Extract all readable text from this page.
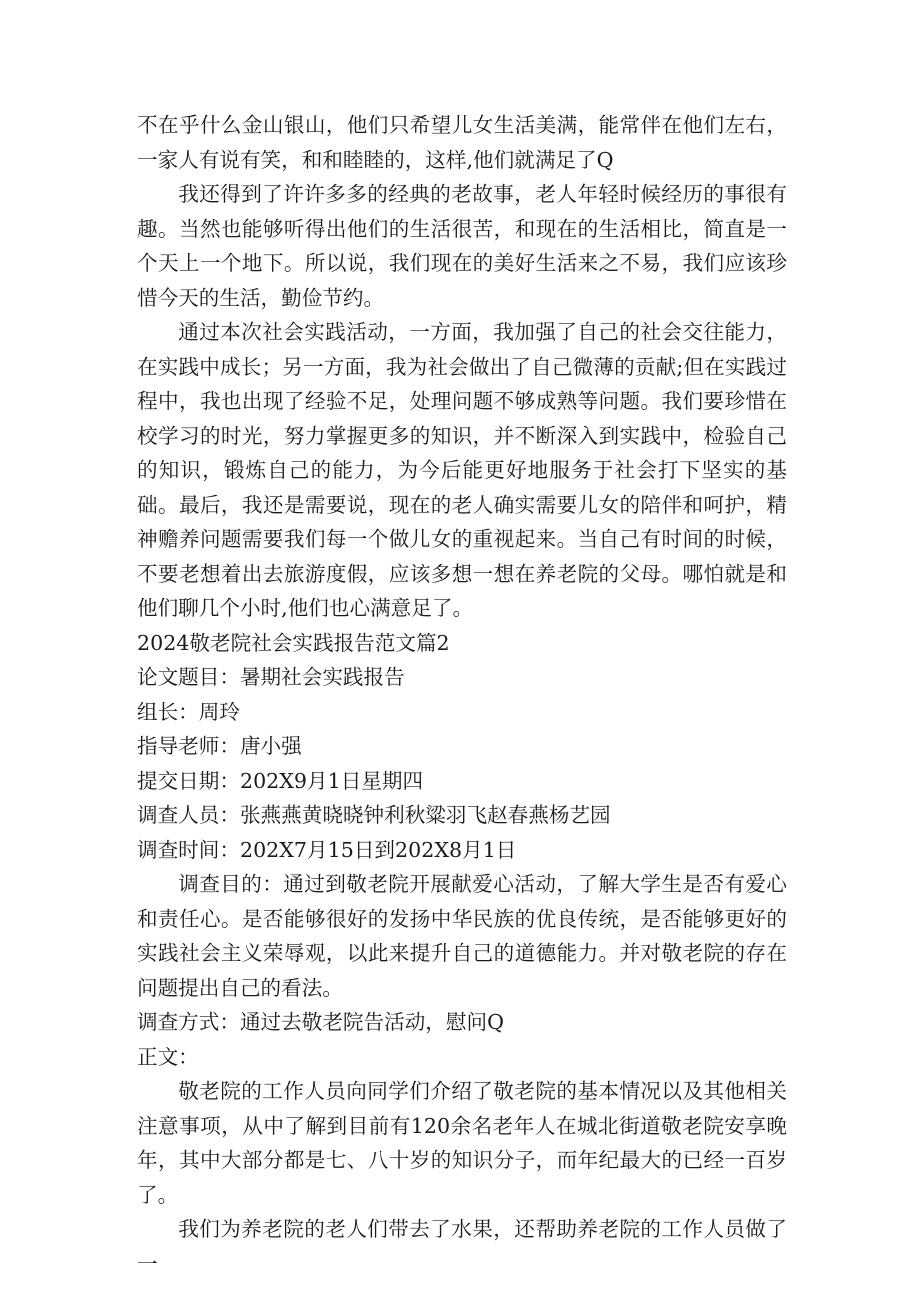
不在乎什么金山银山，他们只希望儿女生活美满，能常伴在他们左右，一家人有说有笑，和和睦睦的，这样,他们就满足了Q

我还得到了许许多多的经典的老故事，老人年轻时候经历的事很有趣。当然也能够听得出他们的生活很苦，和现在的生活相比，简直是一个天上一个地下。所以说，我们现在的美好生活来之不易，我们应该珍惜今天的生活，勤俭节约。

通过本次社会实践活动，一方面，我加强了自己的社会交往能力，在实践中成长；另一方面，我为社会做出了自己微薄的贡献;但在实践过程中，我也出现了经验不足，处理问题不够成熟等问题。我们要珍惜在校学习的时光，努力掌握更多的知识，并不断深入到实践中，检验自己的知识，锻炼自己的能力，为今后能更好地服务于社会打下坚实的基础。最后，我还是需要说，现在的老人确实需要儿女的陪伴和呵护，精神赡养问题需要我们每一个做儿女的重视起来。当自己有时间的时候，不要老想着出去旅游度假，应该多想一想在养老院的父母。哪怕就是和他们聊几个小时,他们也心满意足了。

2024敬老院社会实践报告范文篇2

论文题目：暑期社会实践报告

组长：周玲

指导老师：唐小强

提交日期：202X9月1日星期四

调查人员：张燕燕黄晓晓钟利秋粱羽飞赵春燕杨艺园

调查时间：202X7月15日到202X8月1日

调查目的：通过到敬老院开展献爱心活动，了解大学生是否有爱心和责任心。是否能够很好的发扬中华民族的优良传统，是否能够更好的实践社会主义荣辱观，以此来提升自己的道德能力。并对敬老院的存在问题提出自己的看法。

调查方式：通过去敬老院告活动，慰问Q

正文：

敬老院的工作人员向同学们介绍了敬老院的基本情况以及其他相关注意事项，从中了解到目前有120余名老年人在城北街道敬老院安享晚年，其中大部分都是七、八十岁的知识分子，而年纪最大的已经一百岁了。

我们为养老院的老人们带去了水果，还帮助养老院的工作人员做了一
